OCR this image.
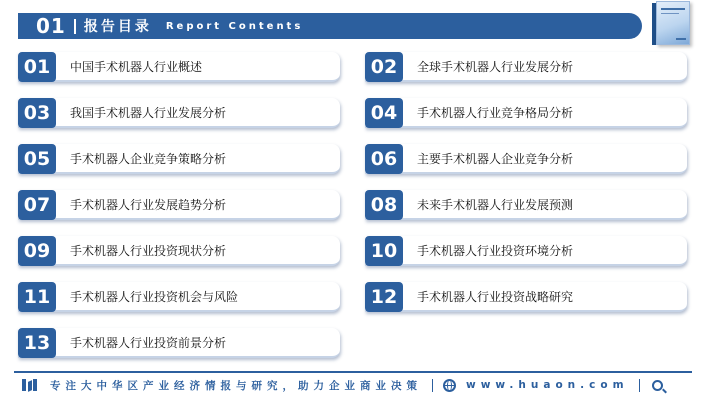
01 报告目录 Report Contents
01	中国手术机器人行业概述	02	全球手术机器人行业发展分析
03	我国手术机器人行业发展分析	04	手术机器人行业竞争格局分析
05	手术机器人企业竞争策略分析	06	主要手术机器人企业竞争分析
07	手术机器人行业发展趋势分析	08	未来手术机器人行业发展预测
09	手术机器人行业投资现状分析	10	手术机器人行业投资环境分析
11	手术机器人行业投资机会与风险	12	手术机器人行业投资战略研究
13	手术机器人行业投资前景分析
专注大中华区产业经济情报与研究，助力企业商业决策	www.huaon.com
